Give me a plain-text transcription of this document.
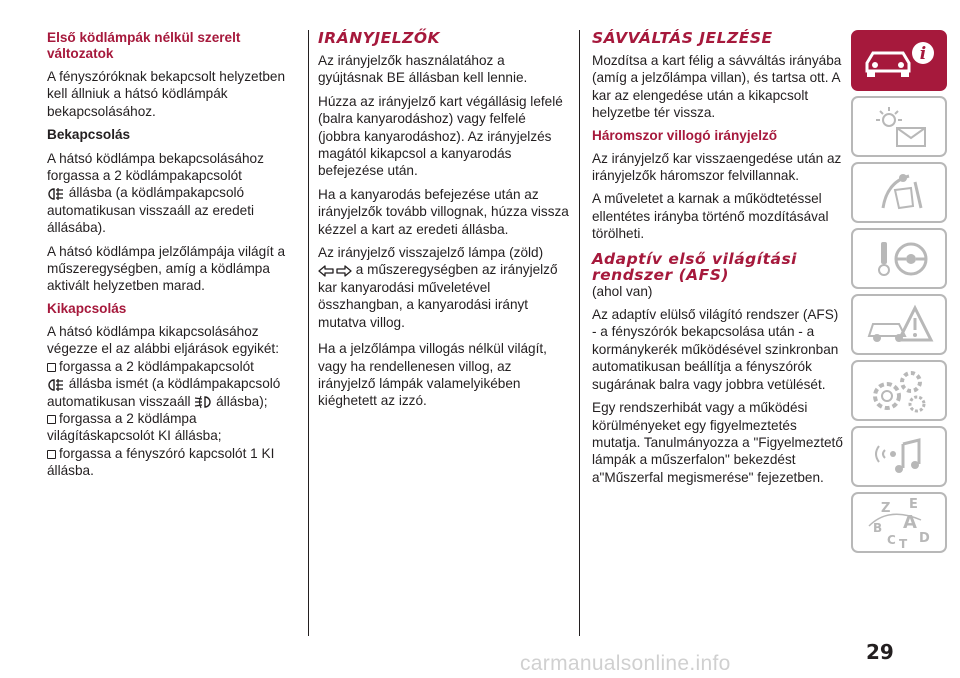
Első ködlámpák nélkül szerelt változatok

A fényszóróknak bekapcsolt helyzetben kell állniuk a hátsó ködlámpák bekapcsolásához.

Bekapcsolás

A hátsó ködlámpa bekapcsolásához forgassa a 2 ködlámpakapcsolót
állásba (a ködlámpakapcsoló automatikusan visszaáll az eredeti állásába).

A hátsó ködlámpa jelzőlámpája világít a műszeregységben, amíg a ködlámpa aktivált helyzetben marad.

Kikapcsolás

A hátsó ködlámpa kikapcsolásához végezze el az alábbi eljárások egyikét:
forgassa a 2 ködlámpakapcsolót
állásba ismét (a ködlámpakapcsoló automatikusan visszaáll állásba);
forgassa a 2 ködlámpa világításkapcsolót KI állásba;
forgassa a fényszóró kapcsolót 1 KI állásba.

IRÁNYJELZŐK

Az irányjelzők használatához a gyújtásnak BE állásban kell lennie.

Húzza az irányjelző kart végállásig lefelé (balra kanyarodáshoz) vagy felfelé (jobbra kanyarodáshoz). Az irányjelzés magától kikapcsol a kanyarodás befejezése után.

Ha a kanyarodás befejezése után az irányjelzők tovább villognak, húzza vissza kézzel a kart az eredeti állásba.

Az irányjelző visszajelző lámpa (zöld)
a műszeregységben az irányjelző kar kanyarodási műveletével összhangban, a kanyarodási irányt mutatva villog.

Ha a jelzőlámpa villogás nélkül világít, vagy ha rendellenesen villog, az irányjelző lámpák valamelyikében kiéghetett az izzó.

SÁVVÁLTÁS JELZÉSE

Mozdítsa a kart félig a sávváltás irányába (amíg a jelzőlámpa villan), és tartsa ott. A kar az elengedése után a kikapcsolt helyzetbe tér vissza.

Háromszor villogó irányjelző

Az irányjelző kar visszaengedése után az irányjelzők háromszor felvillannak.

A műveletet a karnak a működtetéssel ellentétes irányba történő mozdításával törölheti.

Adaptív első világítási rendszer (AFS)

(ahol van)

Az adaptív elülső világító rendszer (AFS) - a fényszórók bekapcsolása után - a kormánykerék működésével szinkronban automatikusan beállítja a fényszórók sugárának balra vagy jobbra vetülését.

Egy rendszerhibát vagy a működési körülményeket egy figyelmeztetés mutatja. Tanulmányozza a "Figyelmeztető lámpák a műszerfalon" bekezdést a"Műszerfal megismerése" fejezetben.

i
Z E
B A
C T D
29
carmanualsonline.info
